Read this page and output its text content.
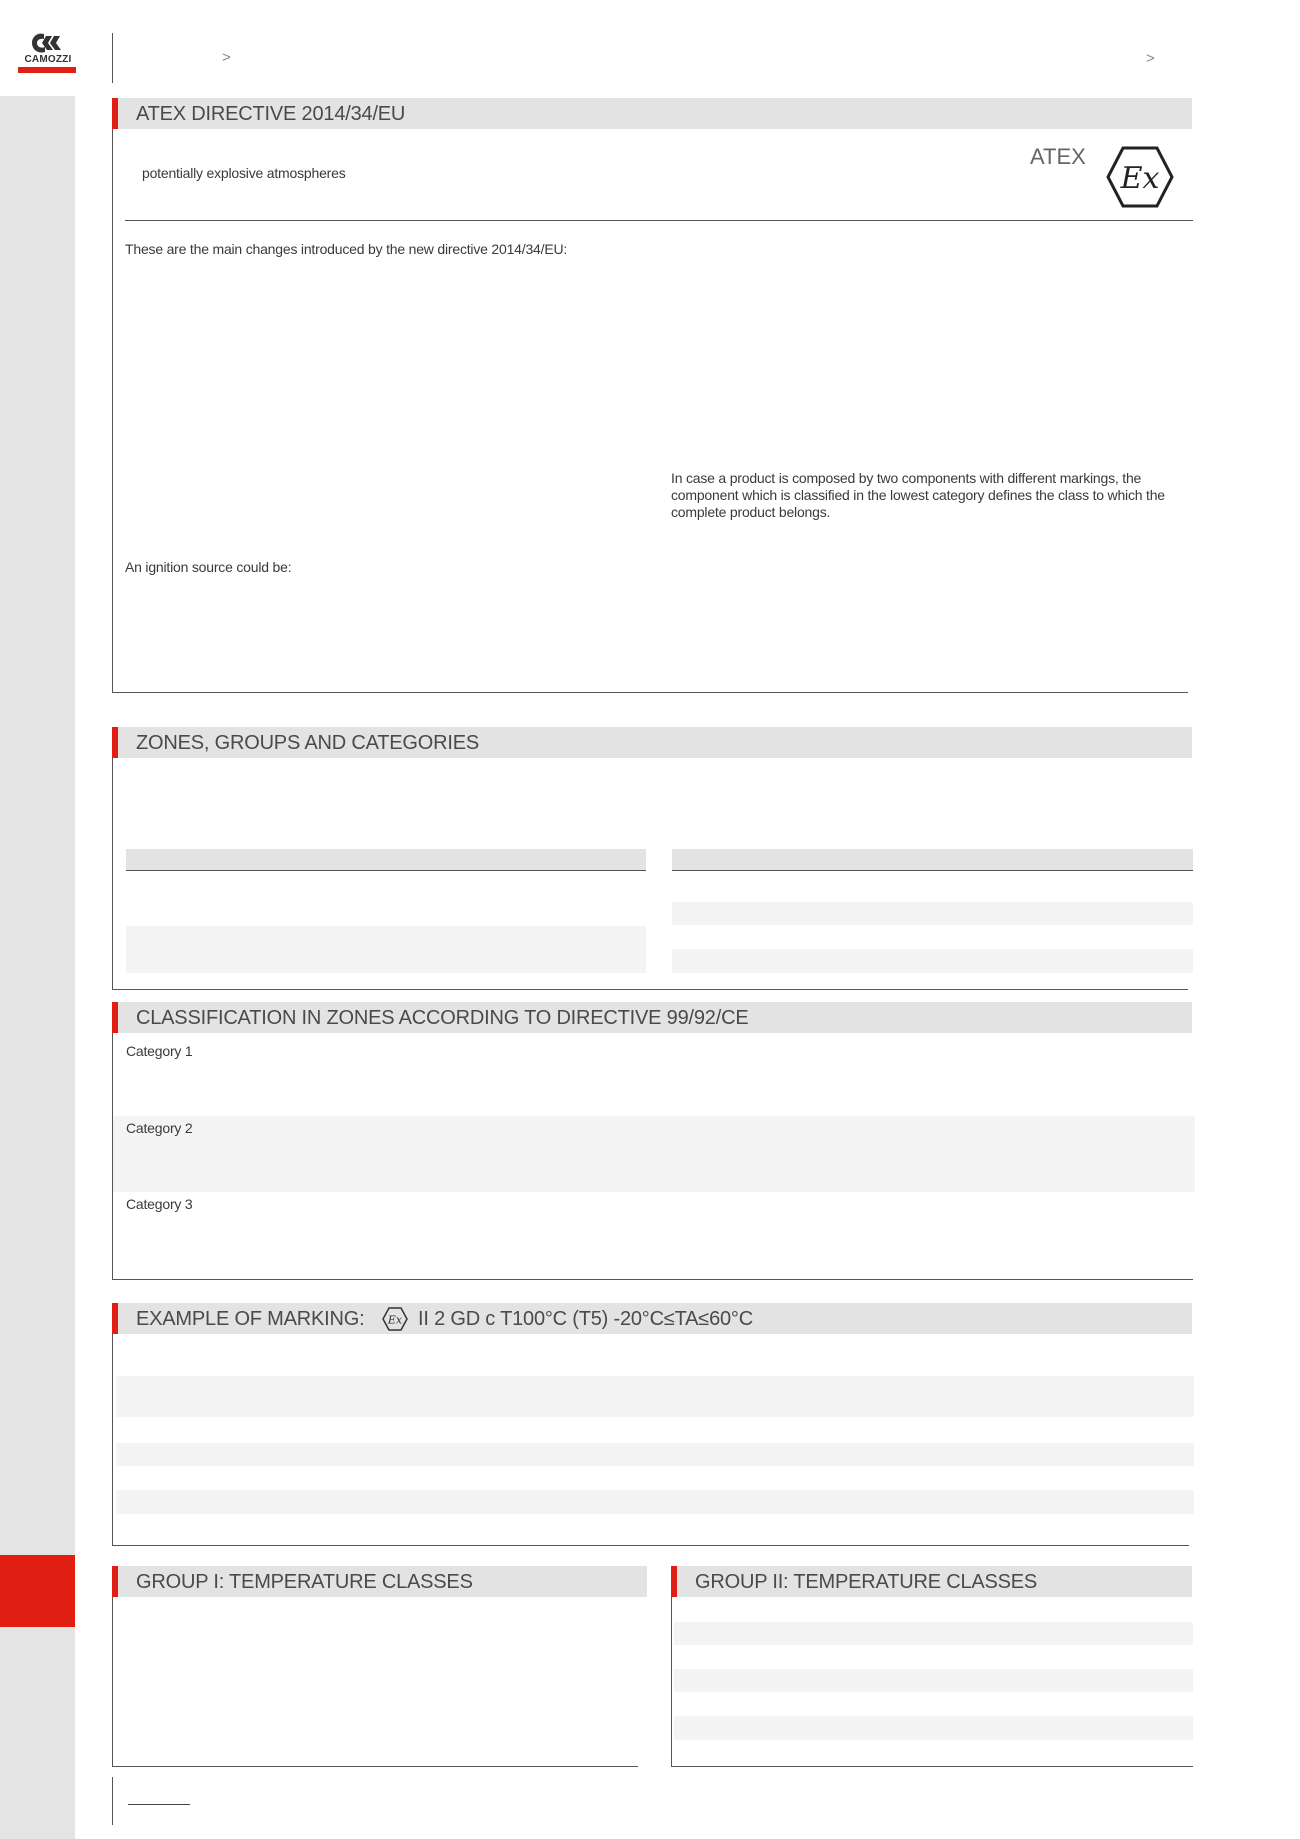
CAMOZZI	>	>
ATEX DIRECTIVE 2014/34/EU
potentially explosive atmospheres
ATEX
Ex
These are the main changes introduced by the new directive 2014/34/EU:
In case a product is composed by two components with different markings, the component which is classified in the lowest category defines the class to which the complete product belongs.
An ignition source could be:
ZONES, GROUPS AND CATEGORIES
CLASSIFICATION IN ZONES ACCORDING TO DIRECTIVE 99/92/CE
Category 1
Category 2
Category 3
EXAMPLE OF MARKING: Ex II 2 GD c T100°C (T5) -20°C≤TA≤60°C
GROUP I: TEMPERATURE CLASSES	GROUP II: TEMPERATURE CLASSES
